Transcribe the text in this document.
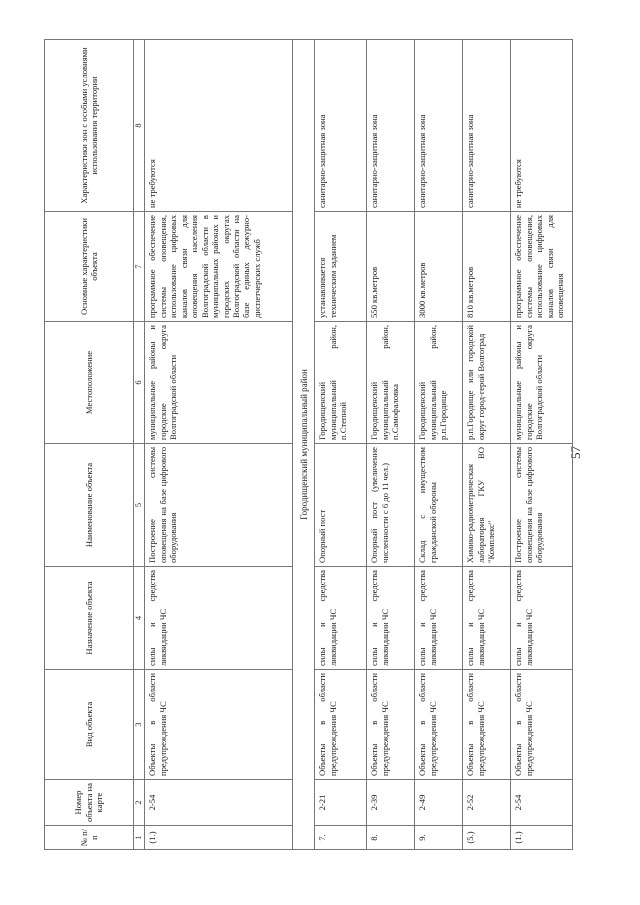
57
№ п/п	Номер объекта на карте	Вид объекта	Назначение объекта	Наименование объекта	Местоположение	Основные характеристики объекта	Характеристики зон с особыми условиями использования территории
1	2	3	4	5	6	7	8
(1.)	2-54	Объекты в области предупреждения ЧС	силы и средства ликвидации ЧС	Построение системы оповещения на базе цифрового оборудования	муниципальные районы и городские округа Волгоградской области	программное обеспечение системы оповещения, использование цифровых каналов связи для оповещения населения Волгоградской области в муниципальных районах и городских округах Волгоградской области на базе единых дежурно-диспетчерских служб	не требуются
Городищенский муниципальный район							
7.	2-21	Объекты в области предупреждения ЧС	силы и средства ликвидации ЧС	Опорный пост	Городищенский муниципальный район, п.Степной	устанавливается техническим заданием	санитарно-защитная зона
8.	2-39	Объекты в области предупреждения ЧС	силы и средства ликвидации ЧС	Опорный пост (увеличение численности с 6 до 11 чел.)	Городищенский муниципальный район, п.Самофаловка	550 кв.метров	санитарно-защитная зона
9.	2-49	Объекты в области предупреждения ЧС	силы и средства ликвидации ЧС	Склад с имуществом гражданской обороны	Городищенский муниципальный район, р.п.Городище	3000 кв.метров	санитарно-защитная зона
(5.)	2-52	Объекты в области предупреждения ЧС	силы и средства ликвидации ЧС	Химико-радиометрическая лаборатория ГКУ ВО "Комплекс"	р.п.Городище или городской округ город-герой Волгоград	810 кв.метров	санитарно-защитная зона
(1.)	2-54	Объекты в области предупреждения ЧС	силы и средства ликвидации ЧС	Построение системы оповещения на базе цифрового оборудования	муниципальные районы и городские округа Волгоградской области	программное обеспечение системы оповещения, использование цифровых каналов связи для оповещения	не требуются
